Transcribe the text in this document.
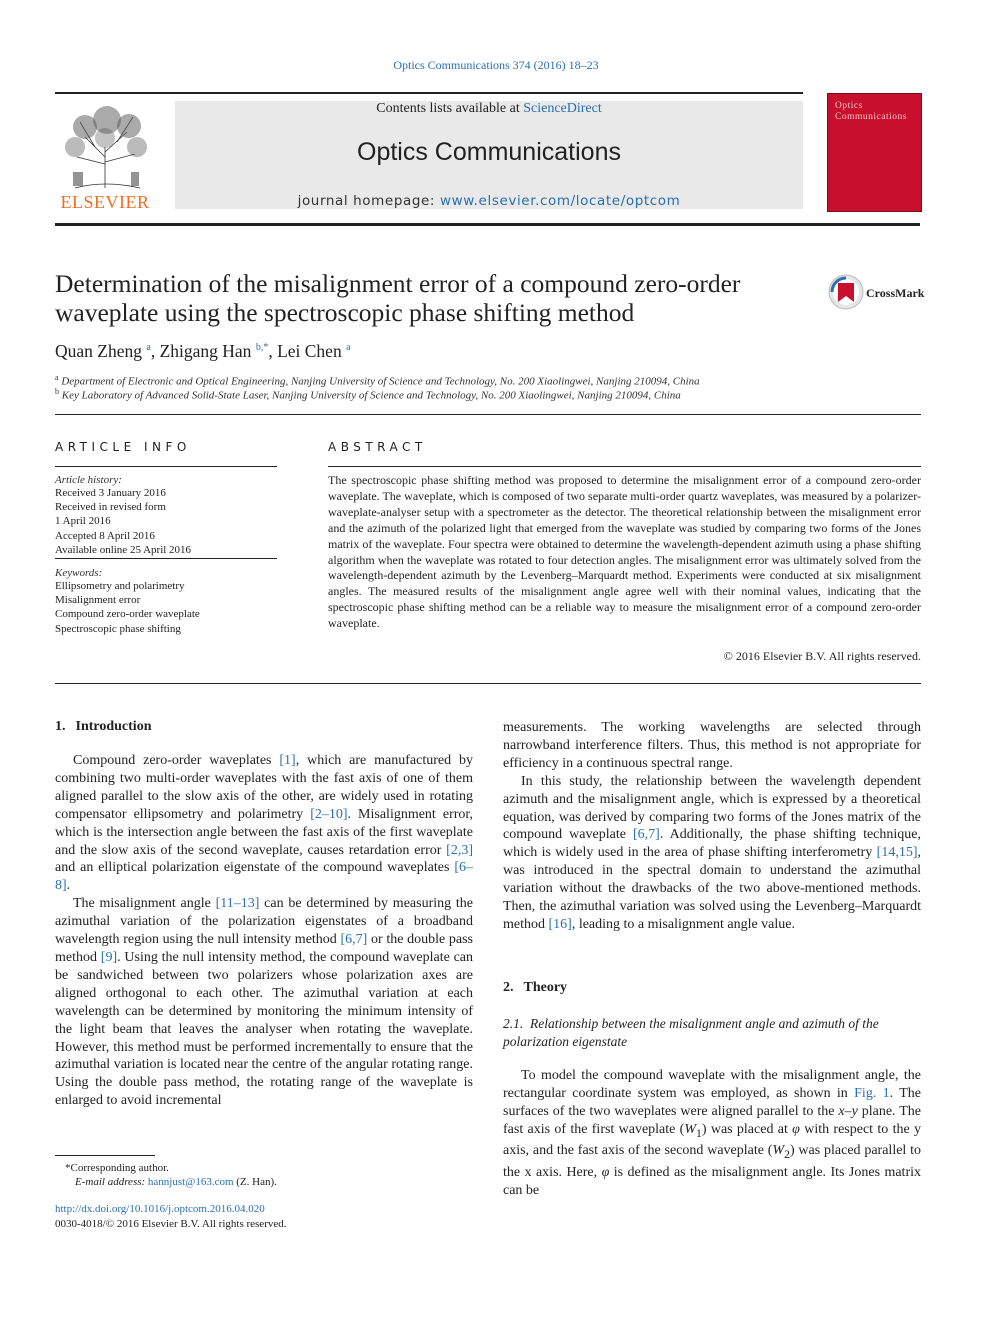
Optics Communications 374 (2016) 18–23
ELSEVIER
Contents lists available at ScienceDirect
Optics Communications
journal homepage: www.elsevier.com/locate/optcom
Optics
Communications
Determination of the misalignment error of a compound zero-order waveplate using the spectroscopic phase shifting method
CrossMark
Quan Zheng $^a$, Zhigang Han $^{b,*}$, Lei Chen $^a$
$^a$ Department of Electronic and Optical Engineering, Nanjing University of Science and Technology, No. 200 Xiaolingwei, Nanjing 210094, China
$^b$ Key Laboratory of Advanced Solid-State Laser, Nanjing University of Science and Technology, No. 200 Xiaolingwei, Nanjing 210094, China
ARTICLE INFO
Article history:
Received 3 January 2016
Received in revised form
1 April 2016
Accepted 8 April 2016
Available online 25 April 2016
Keywords:
Ellipsometry and polarimetry
Misalignment error
Compound zero-order waveplate
Spectroscopic phase shifting
ABSTRACT
The spectroscopic phase shifting method was proposed to determine the misalignment error of a compound zero-order waveplate. The waveplate, which is composed of two separate multi-order quartz waveplates, was measured by a polarizer-waveplate-analyser setup with a spectrometer as the detector. The theoretical relationship between the misalignment error and the azimuth of the polarized light that emerged from the waveplate was studied by comparing two forms of the Jones matrix of the waveplate. Four spectra were obtained to determine the wavelength-dependent azimuth using a phase shifting algorithm when the waveplate was rotated to four detection angles. The misalignment error was ultimately solved from the wavelength-dependent azimuth by the Levenberg–Marquardt method. Experiments were conducted at six misalignment angles. The measured results of the misalignment angle agree well with their nominal values, indicating that the spectroscopic phase shifting method can be a reliable way to measure the misalignment error of a compound zero-order waveplate.
© 2016 Elsevier B.V. All rights reserved.
1. Introduction

Compound zero-order waveplates [1], which are manufactured by combining two multi-order waveplates with the fast axis of one of them aligned parallel to the slow axis of the other, are widely used in rotating compensator ellipsometry and polarimetry [2–10]. Misalignment error, which is the intersection angle between the fast axis of the first waveplate and the slow axis of the second waveplate, causes retardation error [2,3] and an elliptical polarization eigenstate of the compound waveplates [6–8].

The misalignment angle [11–13] can be determined by measuring the azimuthal variation of the polarization eigenstates of a broadband wavelength region using the null intensity method [6,7] or the double pass method [9]. Using the null intensity method, the compound waveplate can be sandwiched between two polarizers whose polarization axes are aligned orthogonal to each other. The azimuthal variation at each wavelength can be determined by monitoring the minimum intensity of the light beam that leaves the analyser when rotating the waveplate. However, this method must be performed incrementally to ensure that the azimuthal variation is located near the centre of the angular rotating range. Using the double pass method, the rotating range of the waveplate is enlarged to avoid incremental

*Corresponding author.
E-mail address: hannjust@163.com (Z. Han).
http://dx.doi.org/10.1016/j.optcom.2016.04.020
0030-4018/© 2016 Elsevier B.V. All rights reserved.

measurements. The working wavelengths are selected through narrowband interference filters. Thus, this method is not appropriate for efficiency in a continuous spectral range.

In this study, the relationship between the wavelength dependent azimuth and the misalignment angle, which is expressed by a theoretical equation, was derived by comparing two forms of the Jones matrix of the compound waveplate [6,7]. Additionally, the phase shifting technique, which is widely used in the area of phase shifting interferometry [14,15], was introduced in the spectral domain to understand the azimuthal variation without the drawbacks of the two above-mentioned methods. Then, the azimuthal variation was solved using the Levenberg–Marquardt method [16], leading to a misalignment angle value.

2. Theory
2.1. Relationship between the misalignment angle and azimuth of the polarization eigenstate

To model the compound waveplate with the misalignment angle, the rectangular coordinate system was employed, as shown in Fig. 1. The surfaces of the two waveplates were aligned parallel to the x–y plane. The fast axis of the first waveplate $(W_1)$ was placed at φ with respect to the y axis, and the fast axis of the second waveplate $(W_2)$ was placed parallel to the x axis. Here, φ is defined as the misalignment angle. Its Jones matrix can be
